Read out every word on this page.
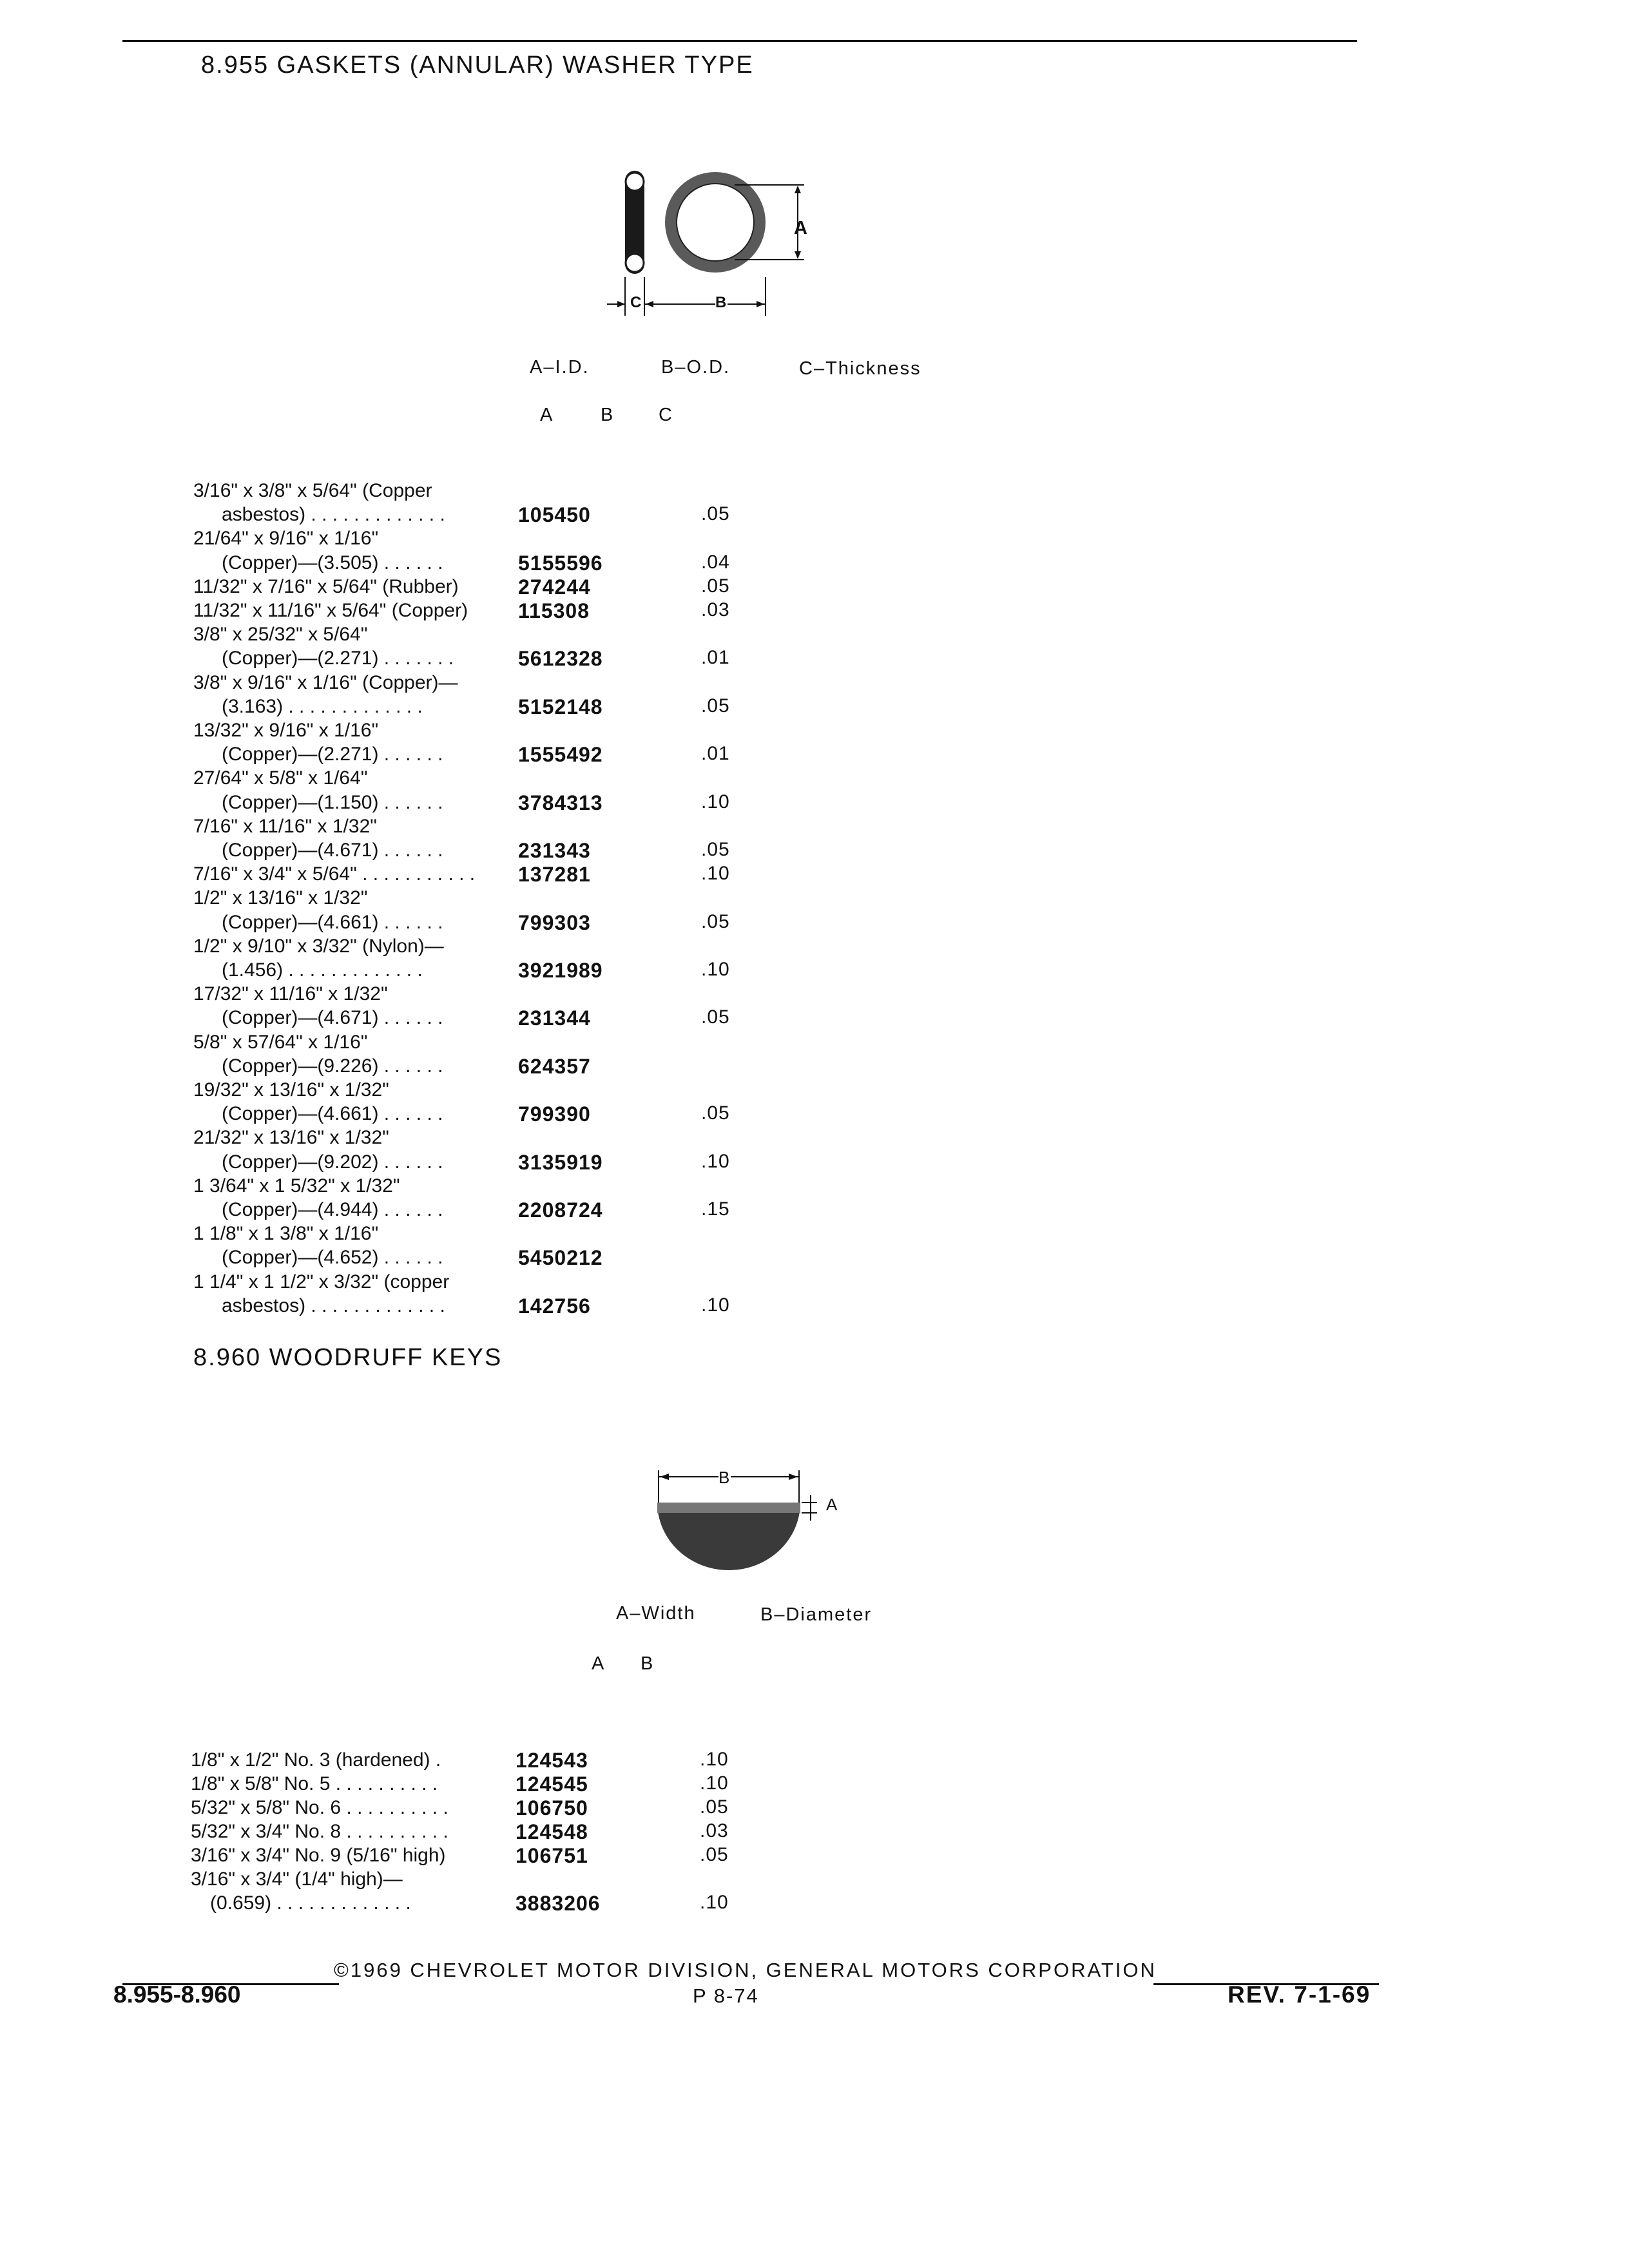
8.955 GASKETS (ANNULAR) WASHER TYPE
A
C	B
A–I.D.	B–O.D.	C–Thickness
A	B C
3/16" x 3/8" x 5/64" (Copper
asbestos) . . . . . . . . . . . . .	105450	.05
21/64" x 9/16" x 1/16"
(Copper)—(3.505) . . . . . .	5155596	.04
11/32" x 7/16" x 5/64" (Rubber)	274244	.05
11/32" x 11/16" x 5/64" (Copper) 115308	.03
3/8" x 25/32" x 5/64"
(Copper)—(2.271) . . . . . . .	5612328	.01
3/8" x 9/16" x 1/16" (Copper)—
(3.163) . . . . . . . . . . . . .	5152148	.05
13/32" x 9/16" x 1/16"
(Copper)—(2.271) . . . . . .	1555492	.01
27/64" x 5/8" x 1/64"
(Copper)—(1.150) . . . . . .	3784313	.10
7/16" x 11/16" x 1/32"
(Copper)—(4.671) . . . . . .	231343	.05
7/16" x 3/4" x 5/64" . . . . . . . . . . . 137281	.10
1/2" x 13/16" x 1/32"
(Copper)—(4.661) . . . . . .	799303	.05
1/2" x 9/10" x 3/32" (Nylon)—
(1.456) . . . . . . . . . . . . .	3921989	.10
17/32" x 11/16" x 1/32"
(Copper)—(4.671) . . . . . .	231344	.05
5/8" x 57/64" x 1/16"
(Copper)—(9.226) . . . . . .	624357
19/32" x 13/16" x 1/32"
(Copper)—(4.661) . . . . . .	799390	.05
21/32" x 13/16" x 1/32"
(Copper)—(9.202) . . . . . .	3135919	.10
1 3/64" x 1 5/32" x 1/32"
(Copper)—(4.944) . . . . . .	2208724	.15
1 1/8" x 1 3/8" x 1/16"
(Copper)—(4.652) . . . . . .	5450212
1 1/4" x 1 1/2" x 3/32" (copper
asbestos) . . . . . . . . . . . . .	142756	.10
8.960 WOODRUFF KEYS
B
A
A–Width	B–Diameter
A B
1/8" x 1/2" No. 3 (hardened) .	124543	.10
1/8" x 5/8" No. 5 . . . . . . . . . .	124545	.10
5/32" x 5/8" No. 6 . . . . . . . . . .	106750	.05
5/32" x 3/4" No. 8 . . . . . . . . . .	124548	.03
3/16" x 3/4" No. 9 (5/16" high)	106751	.05
3/16" x 3/4" (1/4" high)—
(0.659) . . . . . . . . . . . . .	3883206	.10
©1969 CHEVROLET MOTOR DIVISION, GENERAL MOTORS CORPORATION
8.955-8.960	P 8-74	REV. 7-1-69
